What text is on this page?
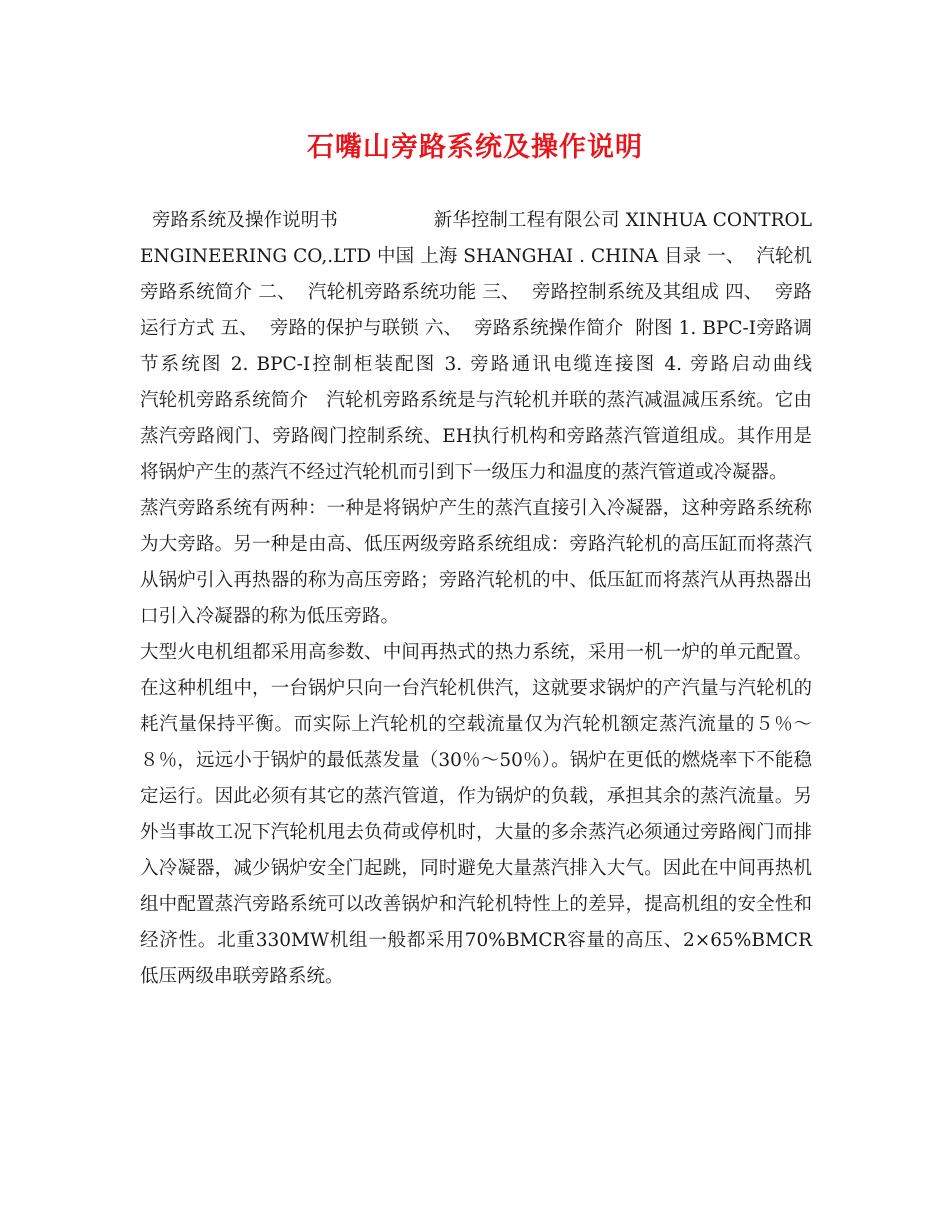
石嘴山旁路系统及操作说明

旁路系统及操作说明书                新华控制工程有限公司 XINHUA CONTROL ENGINEERING CO,.LTD 中国 上海 SHANGHAI . CHINA 目录 一、  汽轮机旁路系统简介 二、  汽轮机旁路系统功能 三、  旁路控制系统及其组成 四、  旁路运行方式 五、  旁路的保护与联锁 六、  旁路系统操作简介  附图 1. BPC-I旁路调节系统图 2. BPC-I控制柜装配图 3. 旁路通讯电缆连接图 4. 旁路启动曲线          汽轮机旁路系统简介   汽轮机旁路系统是与汽轮机并联的蒸汽减温减压系统。它由蒸汽旁路阀门、旁路阀门控制系统、EH执行机构和旁路蒸汽管道组成。其作用是将锅炉产生的蒸汽不经过汽轮机而引到下一级压力和温度的蒸汽管道或冷凝器。

蒸汽旁路系统有两种：一种是将锅炉产生的蒸汽直接引入冷凝器，这种旁路系统称为大旁路。另一种是由高、低压两级旁路系统组成：旁路汽轮机的高压缸而将蒸汽从锅炉引入再热器的称为高压旁路；旁路汽轮机的中、低压缸而将蒸汽从再热器出口引入冷凝器的称为低压旁路。

大型火电机组都采用高参数、中间再热式的热力系统，采用一机一炉的单元配置。在这种机组中，一台锅炉只向一台汽轮机供汽，这就要求锅炉的产汽量与汽轮机的耗汽量保持平衡。而实际上汽轮机的空载流量仅为汽轮机额定蒸汽流量的５％～８％，远远小于锅炉的最低蒸发量（30％～50％）。锅炉在更低的燃烧率下不能稳定运行。因此必须有其它的蒸汽管道，作为锅炉的负载，承担其余的蒸汽流量。另外当事故工况下汽轮机甩去负荷或停机时，大量的多余蒸汽必须通过旁路阀门而排入冷凝器，减少锅炉安全门起跳，同时避免大量蒸汽排入大气。因此在中间再热机组中配置蒸汽旁路系统可以改善锅炉和汽轮机特性上的差异，提高机组的安全性和经济性。北重330MW机组一般都采用70%BMCR容量的高压、2×65%BMCR低压两级串联旁路系统。
